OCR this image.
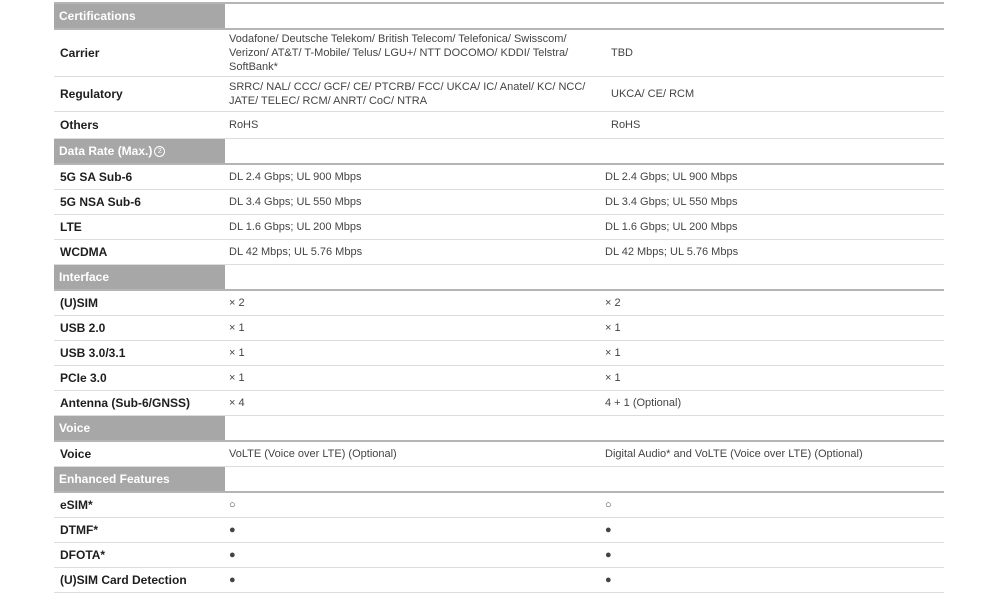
Certifications		
Carrier	Vodafone/ Deutsche Telekom/ British Telecom/ Telefonica/ Swisscom/ Verizon/ AT&T/ T-Mobile/ Telus/ LGU+/ NTT DOCOMO/ KDDI/ Telstra/ SoftBank*	TBD
Regulatory	SRRC/ NAL/ CCC/ GCF/ CE/ PTCRB/ FCC/ UKCA/ IC/ Anatel/ KC/ NCC/ JATE/ TELEC/ RCM/ ANRT/ CoC/ NTRA	UKCA/ CE/ RCM
Others	RoHS	RoHS
Data Rate (Max.) 2		
5G SA Sub-6	DL 2.4 Gbps; UL 900 Mbps	DL 2.4 Gbps; UL 900 Mbps
5G NSA Sub-6	DL 3.4 Gbps; UL 550 Mbps	DL 3.4 Gbps; UL 550 Mbps
LTE	DL 1.6 Gbps; UL 200 Mbps	DL 1.6 Gbps; UL 200 Mbps
WCDMA	DL 42 Mbps; UL 5.76 Mbps	DL 42 Mbps; UL 5.76 Mbps
Interface		
(U)SIM	× 2	× 2
USB 2.0	× 1	× 1
USB 3.0/3.1	× 1	× 1
PCIe 3.0	× 1	× 1
Antenna (Sub-6/GNSS)	× 4	4 + 1 (Optional)
Voice		
Voice	VoLTE (Voice over LTE) (Optional)	Digital Audio* and VoLTE (Voice over LTE) (Optional)
Enhanced Features		
eSIM*	○	○
DTMF*	●	●
DFOTA*	●	●
(U)SIM Card Detection	●	●
